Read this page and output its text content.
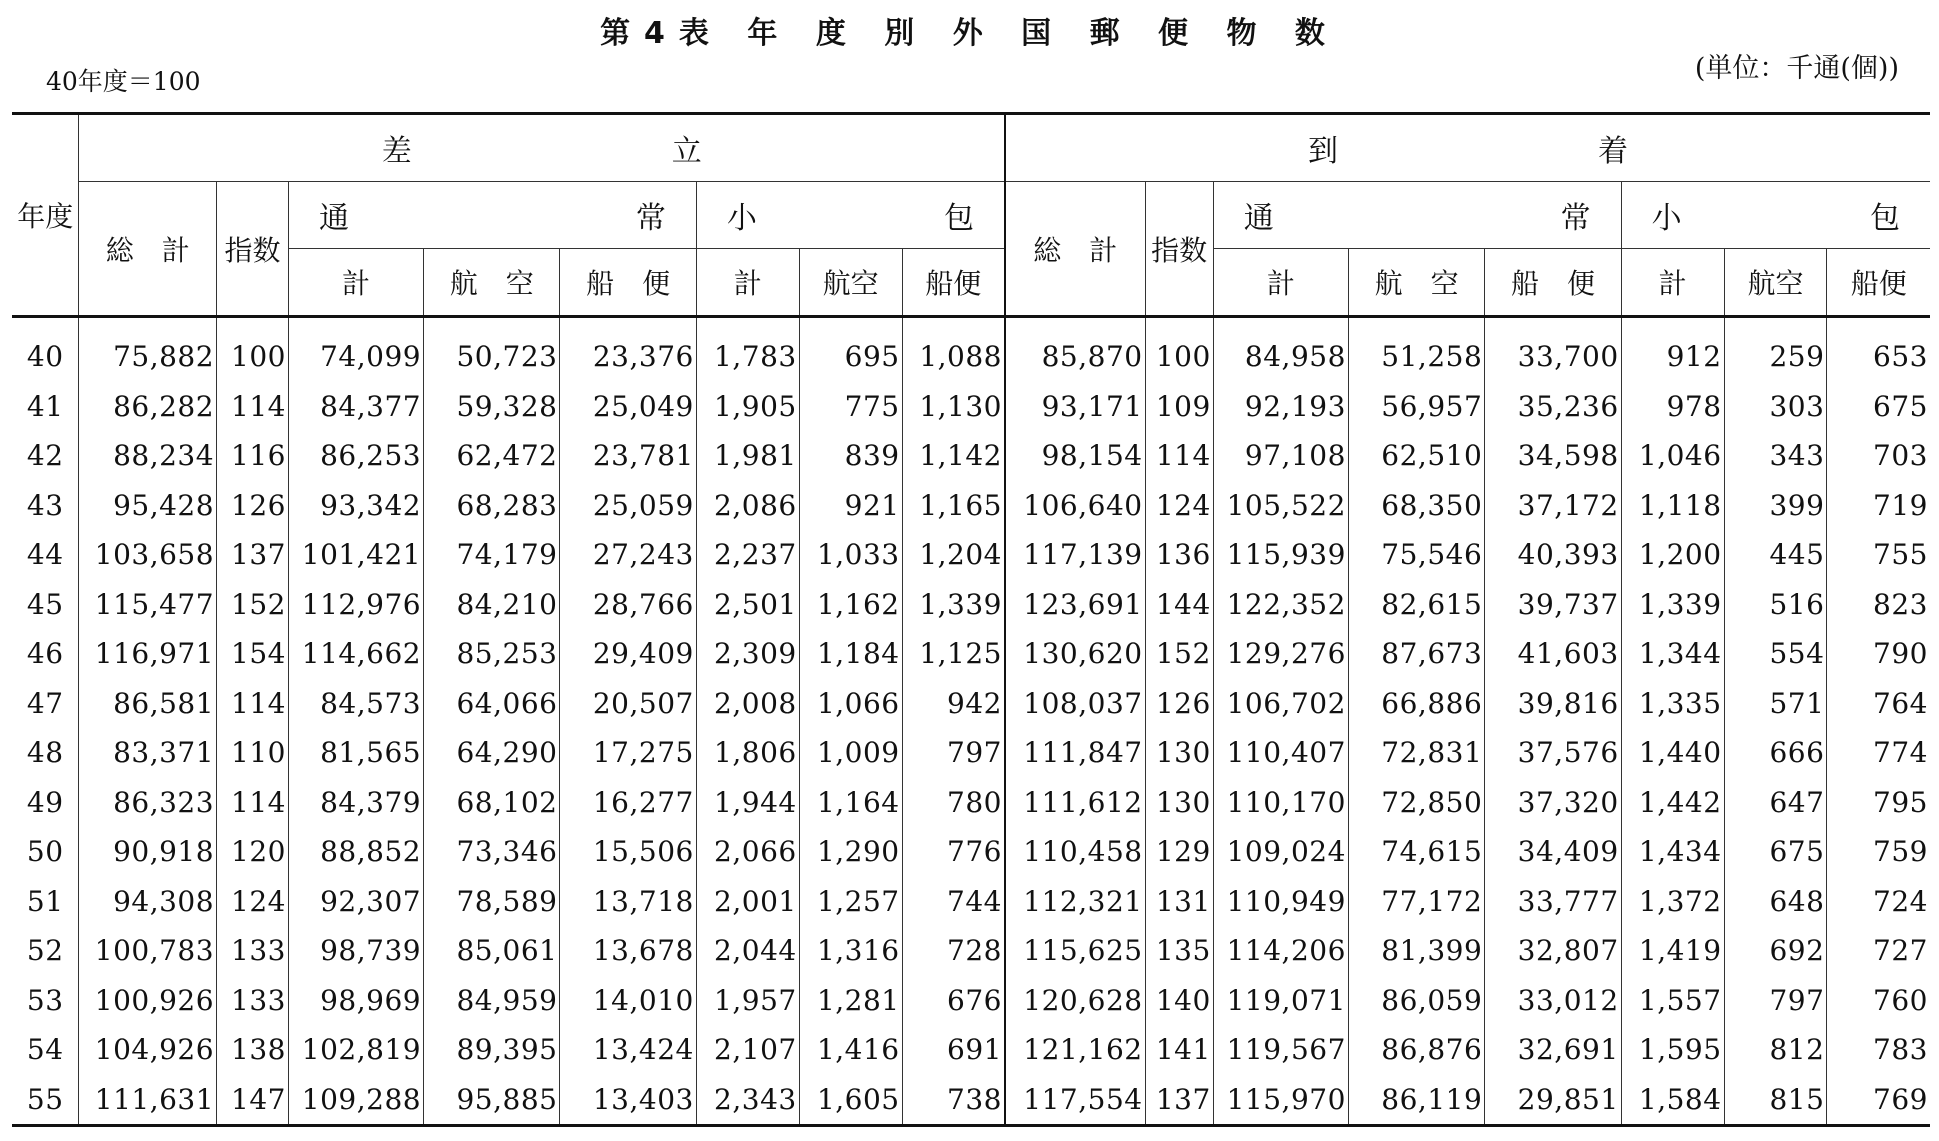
第4表 年 度 別 外 国 郵 便 物 数
40年度＝100	(単位：千通(個))
年度	差 立								到 着							

	総　計	指数	通 常			小 包			総　計	指数	通 常			小 包		

			計	航　空	船　便	計	航空	船便			計	航　空	船　便	計	航空	船便
40	75,882	100	74,099	50,723	23,376	1,783	695	1,088	85,870	100	84,958	51,258	33,700	912	259	653
41	86,282	114	84,377	59,328	25,049	1,905	775	1,130	93,171	109	92,193	56,957	35,236	978	303	675
42	88,234	116	86,253	62,472	23,781	1,981	839	1,142	98,154	114	97,108	62,510	34,598	1,046	343	703
43	95,428	126	93,342	68,283	25,059	2,086	921	1,165	106,640	124	105,522	68,350	37,172	1,118	399	719
44	103,658	137	101,421	74,179	27,243	2,237	1,033	1,204	117,139	136	115,939	75,546	40,393	1,200	445	755
45	115,477	152	112,976	84,210	28,766	2,501	1,162	1,339	123,691	144	122,352	82,615	39,737	1,339	516	823
46	116,971	154	114,662	85,253	29,409	2,309	1,184	1,125	130,620	152	129,276	87,673	41,603	1,344	554	790
47	86,581	114	84,573	64,066	20,507	2,008	1,066	942	108,037	126	106,702	66,886	39,816	1,335	571	764
48	83,371	110	81,565	64,290	17,275	1,806	1,009	797	111,847	130	110,407	72,831	37,576	1,440	666	774
49	86,323	114	84,379	68,102	16,277	1,944	1,164	780	111,612	130	110,170	72,850	37,320	1,442	647	795
50	90,918	120	88,852	73,346	15,506	2,066	1,290	776	110,458	129	109,024	74,615	34,409	1,434	675	759
51	94,308	124	92,307	78,589	13,718	2,001	1,257	744	112,321	131	110,949	77,172	33,777	1,372	648	724
52	100,783	133	98,739	85,061	13,678	2,044	1,316	728	115,625	135	114,206	81,399	32,807	1,419	692	727
53	100,926	133	98,969	84,959	14,010	1,957	1,281	676	120,628	140	119,071	86,059	33,012	1,557	797	760
54	104,926	138	102,819	89,395	13,424	2,107	1,416	691	121,162	141	119,567	86,876	32,691	1,595	812	783
55	111,631	147	109,288	95,885	13,403	2,343	1,605	738	117,554	137	115,970	86,119	29,851	1,584	815	769
